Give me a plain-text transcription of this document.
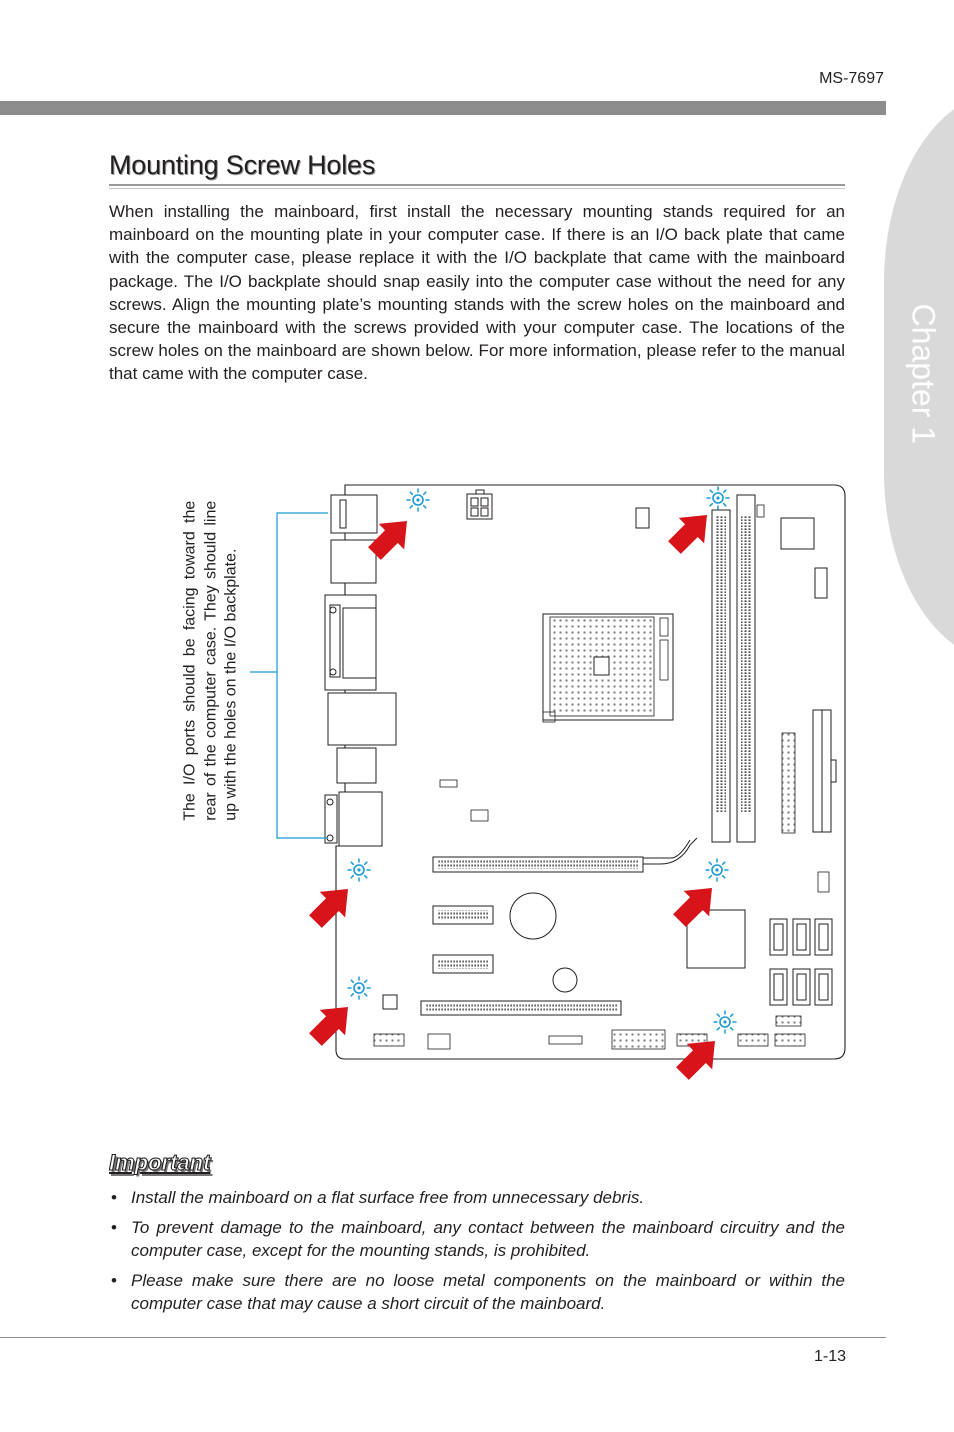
MS-7697
Chapter 1
Mounting Screw Holes

When installing the mainboard, first install the necessary mounting stands required for an mainboard on the mounting plate in your computer case. If there is an I/O back plate that came with the computer case, please replace it with the I/O backplate that came with the mainboard package. The I/O backplate should snap easily into the computer case without the need for any screws. Align the mounting plate’s mounting stands with the screw holes on the mainboard and secure the mainboard with the screws provided with your computer case. The locations of the screw holes on the mainboard are shown below. For more information, please refer to the manual that came with the computer case.

The I/O ports should be facing toward the rear of the computer case. They should line up with the holes on the I/O backplate.
Important
• Install the mainboard on a flat surface free from unnecessary debris.
• To prevent damage to the mainboard, any contact between the mainboard circuitry and the computer case, except for the mounting stands, is prohibited.
• Please make sure there are no loose metal components on the mainboard or within the computer case that may cause a short circuit of the mainboard.
1-13
